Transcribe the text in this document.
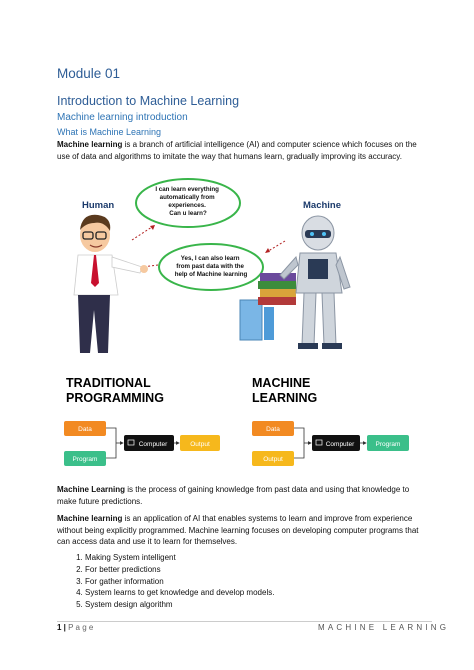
Module 01
Introduction to Machine Learning
Machine learning introduction
What is Machine Learning
Machine learning is a branch of artificial intelligence (AI) and computer science which focuses on the use of data and algorithms to imitate the way that humans learn, gradually improving its accuracy.
Human	Machine
I can learn everything automatically from experiences. Can u learn?
Yes, I can also learn from past data with the help of Machine learning
TRADITIONAL
PROGRAMMING
MACHINE
LEARNING
Data
Program
Computer	Output
Data
Output
Computer	Program
Machine Learning is the process of gaining knowledge from past data and using that knowledge to make future predictions.
Machine learning is an application of AI that enables systems to learn and improve from experience without being explicitly programmed. Machine learning focuses on developing computer programs that can access data and use it to learn for themselves.
1. Making System intelligent
2. For better predictions
3. For gather information
4. System learns to get knowledge and develop models.
5. System design algorithm
1 | P a g e	MACHINE LEARNING
